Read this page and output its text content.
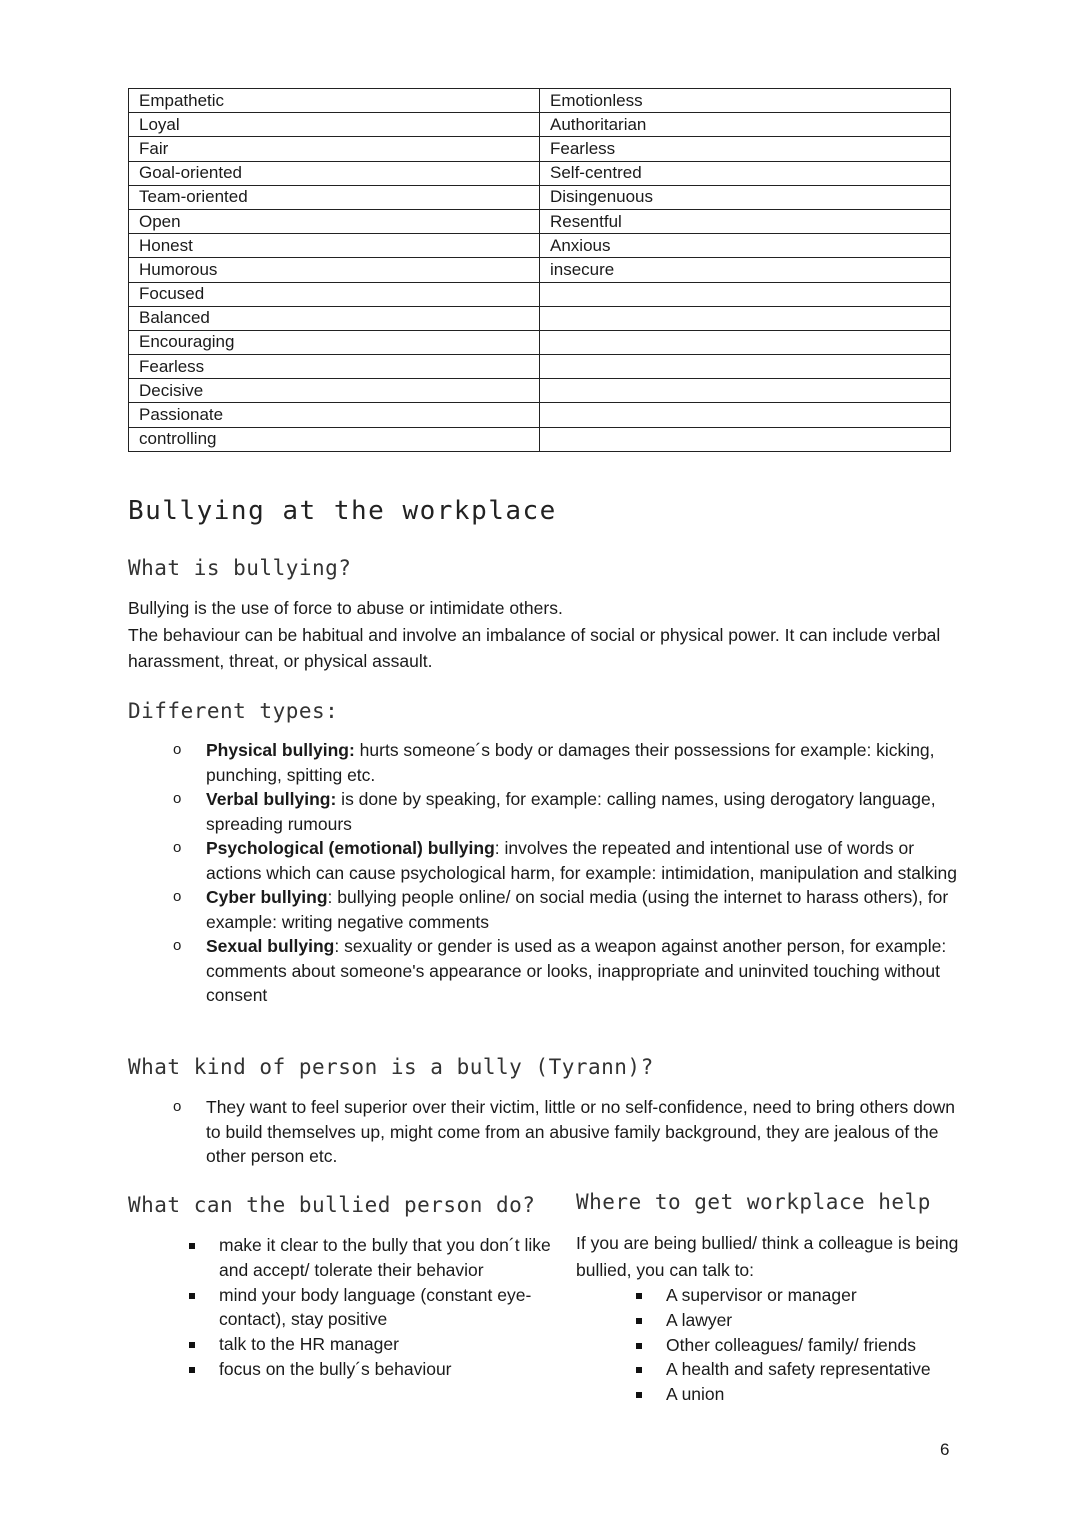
Empathetic	Emotionless
Loyal	Authoritarian
Fair	Fearless
Goal-oriented	Self-centred
Team-oriented	Disingenuous
Open	Resentful
Honest	Anxious
Humorous	insecure
Focused	
Balanced	
Encouraging	
Fearless	
Decisive	
Passionate	
controlling	
Bullying at the workplace
What is bullying?

Bullying is the use of force to abuse or intimidate others.
The behaviour can be habitual and involve an imbalance of social or physical power. It can include verbal harassment, threat, or physical assault.

Different types:
o Physical bullying: hurts someone´s body or damages their possessions for example: kicking, punching, spitting etc.
o Verbal bullying: is done by speaking, for example: calling names, using derogatory language, spreading rumours
o Psychological (emotional) bullying: involves the repeated and intentional use of words or actions which can cause psychological harm, for example: intimidation, manipulation and stalking
o Cyber bullying: bullying people online/ on social media (using the internet to harass others), for example: writing negative comments
o Sexual bullying: sexuality or gender is used as a weapon against another person, for example: comments about someone's appearance or looks, inappropriate and uninvited touching without consent
What kind of person is a bully (Tyrann)?
o They want to feel superior over their victim, little or no self-confidence, need to bring others down to build themselves up, might come from an abusive family background, they are jealous of the other person etc.
What can the bullied person do?
make it clear to the bully that you don´t like and accept/ tolerate their behavior
mind your body language (constant eye-contact), stay positive
talk to the HR manager
focus on the bully´s behaviour
Where to get workplace help

If you are being bullied/ think a colleague is being bullied, you can talk to:

A supervisor or manager
A lawyer
Other colleagues/ family/ friends
A health and safety representative
A union
6
